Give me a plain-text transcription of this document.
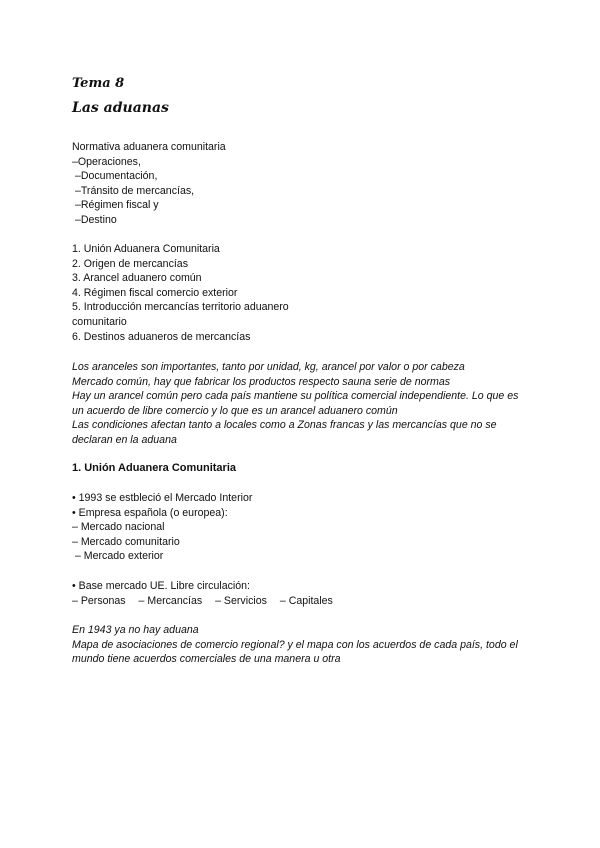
Tema 8
Las aduanas

Normativa aduanera comunitaria

–Operaciones,

–Documentación,

–Tránsito de mercancías,

–Régimen fiscal y

–Destino

1. Unión Aduanera Comunitaria

2. Origen de mercancías

3. Arancel aduanero común

4. Régimen fiscal comercio exterior

5. Introducción mercancías territorio aduanero

comunitario

6. Destinos aduaneros de mercancías

Los aranceles son importantes, tanto por unidad, kg, arancel por valor o por cabeza

Mercado común, hay que fabricar los productos respecto sauna serie de normas

Hay un arancel común pero cada país mantiene su política comercial independiente. Lo que es un acuerdo de libre comercio y lo que es un arancel aduanero común

Las condiciones afectan tanto a locales como a Zonas francas y las mercancías que no se declaran en la aduana

1. Unión Aduanera Comunitaria

• 1993 se estbleció el Mercado Interior

• Empresa española (o europea):

– Mercado nacional

– Mercado comunitario

– Mercado exterior

• Base mercado UE. Libre circulación:

– Personas – Mercancías – Servicios – Capitales

En 1943 ya no hay aduana

Mapa de asociaciones de comercio regional? y el mapa con los acuerdos de cada país, todo el mundo tiene acuerdos comerciales de una manera u otra
